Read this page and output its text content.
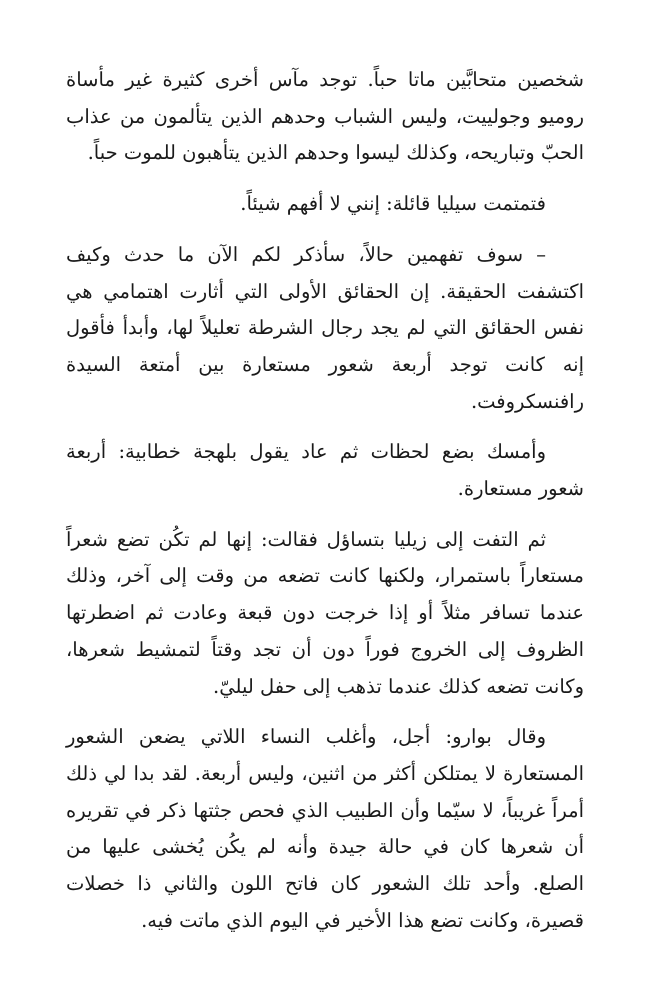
شخصين متحابَّين ماتا حباً. توجد مآس أخرى كثيرة غير مأساة روميو وجولييت، وليس الشباب وحدهم الذين يتألمون من عذاب الحبّ وتباريحه، وكذلك ليسوا وحدهم الذين يتأهبون للموت حباً.

فتمتمت سيليا قائلة: إنني لا أفهم شيئاً.

– سوف تفهمين حالاً، سأذكر لكم الآن ما حدث وكيف اكتشفت الحقيقة. إن الحقائق الأولى التي أثارت اهتمامي هي نفس الحقائق التي لم يجد رجال الشرطة تعليلاً لها، وأبدأ فأقول إنه كانت توجد أربعة شعور مستعارة بين أمتعة السيدة رافنسكروفت.

وأمسك بضع لحظات ثم عاد يقول بلهجة خطابية: أربعة شعور مستعارة.

ثم التفت إلى زيليا بتساؤل فقالت: إنها لم تكُن تضع شعراً مستعاراً باستمرار، ولكنها كانت تضعه من وقت إلى آخر، وذلك عندما تسافر مثلاً أو إذا خرجت دون قبعة وعادت ثم اضطرتها الظروف إلى الخروج فوراً دون أن تجد وقتاً لتمشيط شعرها، وكانت تضعه كذلك عندما تذهب إلى حفل ليليّ.

وقال بوارو: أجل، وأغلب النساء اللاتي يضعن الشعور المستعارة لا يمتلكن أكثر من اثنين، وليس أربعة. لقد بدا لي ذلك أمراً غريباً، لا سيّما وأن الطبيب الذي فحص جثتها ذكر في تقريره أن شعرها كان في حالة جيدة وأنه لم يكُن يُخشى عليها من الصلع. وأحد تلك الشعور كان فاتح اللون والثاني ذا خصلات قصيرة، وكانت تضع هذا الأخير في اليوم الذي ماتت فيه.
